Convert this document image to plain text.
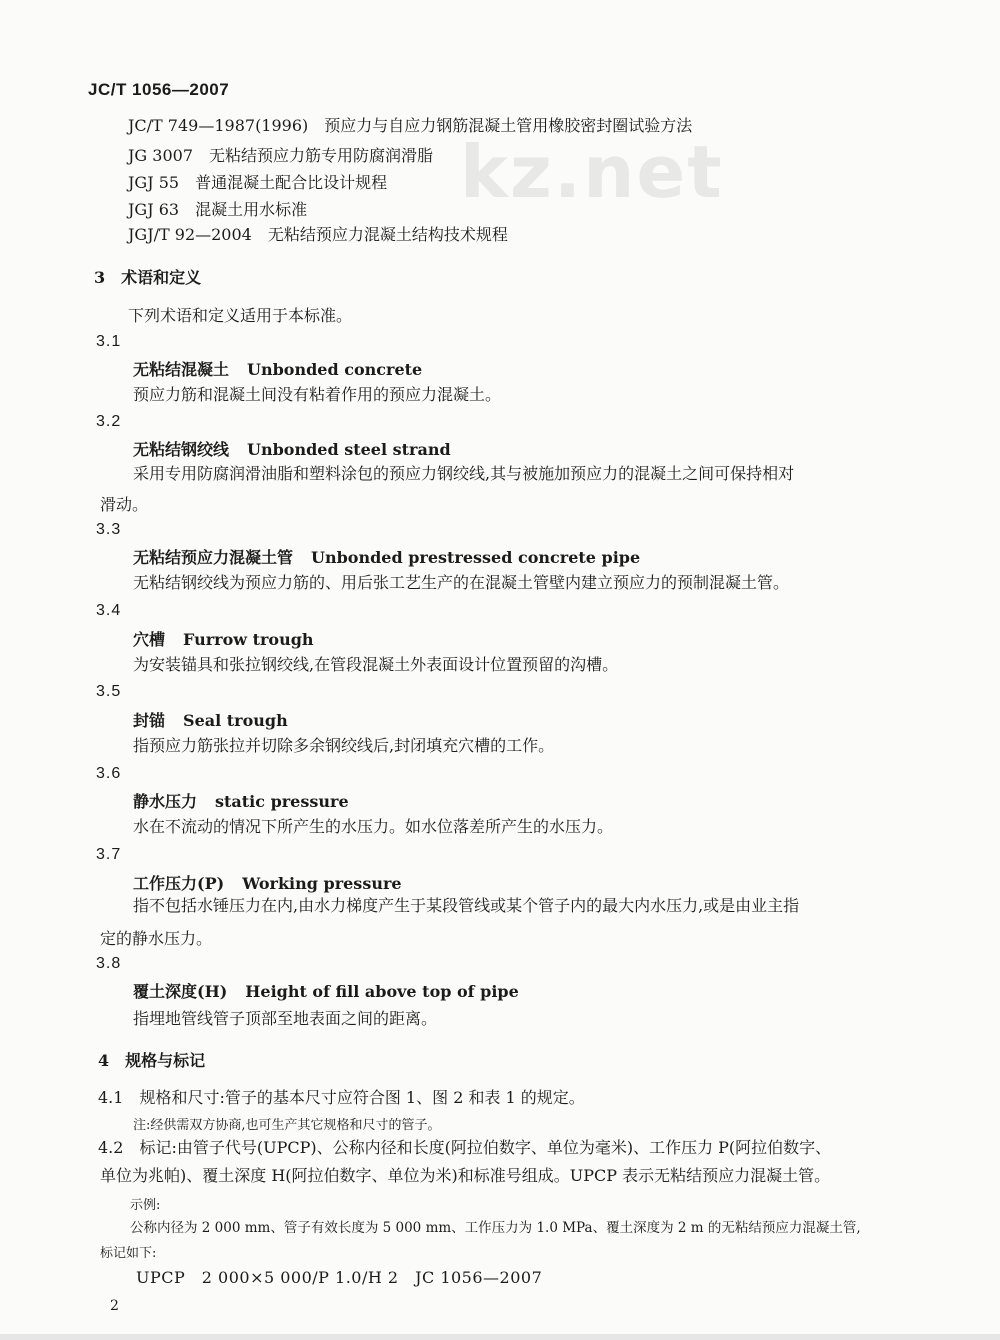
kz.net
JC/T 1056—2007
JC/T 749—1987(1996) 预应力与自应力钢筋混凝土管用橡胶密封圈试验方法
JG 3007 无粘结预应力筋专用防腐润滑脂
JGJ 55 普通混凝土配合比设计规程
JGJ 63 混凝土用水标准
JGJ/T 92—2004 无粘结预应力混凝土结构技术规程
3　术语和定义
下列术语和定义适用于本标准。
3.1
无粘结混凝土 Unbonded concrete
预应力筋和混凝土间没有粘着作用的预应力混凝土。
3.2
无粘结钢绞线 Unbonded steel strand
采用专用防腐润滑油脂和塑料涂包的预应力钢绞线,其与被施加预应力的混凝土之间可保持相对
滑动。
3.3
无粘结预应力混凝土管 Unbonded prestressed concrete pipe
无粘结钢绞线为预应力筋的、用后张工艺生产的在混凝土管壁内建立预应力的预制混凝土管。
3.4
穴槽 Furrow trough
为安装锚具和张拉钢绞线,在管段混凝土外表面设计位置预留的沟槽。
3.5
封锚 Seal trough
指预应力筋张拉并切除多余钢绞线后,封闭填充穴槽的工作。
3.6
静水压力 static pressure
水在不流动的情况下所产生的水压力。如水位落差所产生的水压力。
3.7
工作压力(P) Working pressure
指不包括水锤压力在内,由水力梯度产生于某段管线或某个管子内的最大内水压力,或是由业主指
定的静水压力。
3.8
覆土深度(H) Height of fill above top of pipe
指埋地管线管子顶部至地表面之间的距离。
4　规格与标记
4.1　规格和尺寸:管子的基本尺寸应符合图 1、图 2 和表 1 的规定。
注:经供需双方协商,也可生产其它规格和尺寸的管子。
4.2　标记:由管子代号(UPCP)、公称内径和长度(阿拉伯数字、单位为毫米)、工作压力 P(阿拉伯数字、
单位为兆帕)、覆土深度 H(阿拉伯数字、单位为米)和标准号组成。UPCP 表示无粘结预应力混凝土管。
示例:
公称内径为 2 000 mm、管子有效长度为 5 000 mm、工作压力为 1.0 MPa、覆土深度为 2 m 的无粘结预应力混凝土管,
标记如下:
UPCP　2 000×5 000/P 1.0/H 2　JC 1056—2007
2
